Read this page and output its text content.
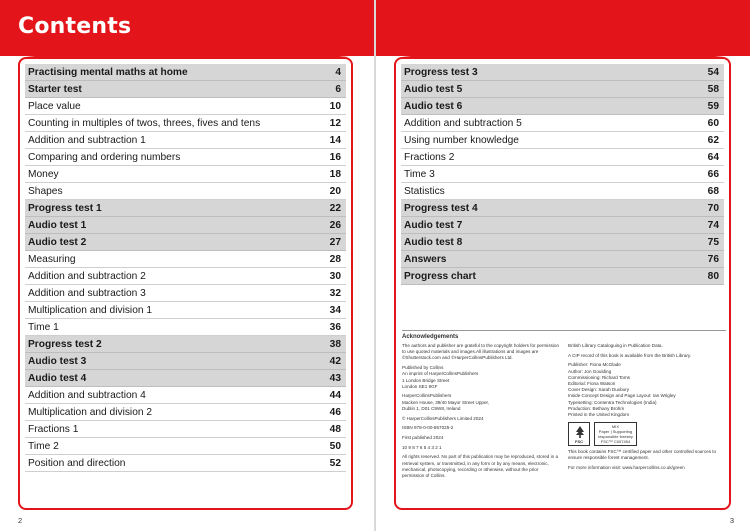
Contents
Practising mental maths at home	4
Starter test	6
Place value	10
Counting in multiples of twos, threes, fives and tens	12
Addition and subtraction 1	14
Comparing and ordering numbers	16
Money	18
Shapes	20
Progress test 1	22
Audio test 1	26
Audio test 2	27
Measuring	28
Addition and subtraction 2	30
Addition and subtraction 3	32
Multiplication and division 1	34
Time 1	36
Progress test 2	38
Audio test 3	42
Audio test 4	43
Addition and subtraction 4	44
Multiplication and division 2	46
Fractions 1	48
Time 2	50
Position and direction	52
Progress test 3	54
Audio test 5	58
Audio test 6	59
Addition and subtraction 5	60
Using number knowledge	62
Fractions 2	64
Time 3	66
Statistics	68
Progress test 4	70
Audio test 7	74
Audio test 8	75
Answers	76
Progress chart	80
Acknowledgements

The authors and publisher are grateful to the copyright holders for permission to use quoted materials and images.All illustrations and images are ©Shutterstock.com and ©HarperCollinsPublishers Ltd.

Published by Collins
An imprint of HarperCollinsPublishers
1 London Bridge Street
London SE1 9GF

HarperCollinsPublishers
Macken House, 39/40 Mayor Street Upper,
Dublin 1, D01 C9W8, Ireland

© HarperCollinsPublishers Limited 2024

ISBN 978-0-00-867025-2

First published 2024

10 9 8 7 6 5 4 3 2 1

All rights reserved. No part of this publication may be reproduced, stored in a retrieval system, or transmitted, in any form or by any means, electronic, mechanical, photocopying, recording or otherwise, without the prior permission of Collins.

British Library Cataloguing in Publication Data.

A CIP record of this book is available from the British Library.

Publisher: Fiona McGlade
Author: Jon Goulding
Commissioning: Richard Toms
Editorial: Fiona Watson
Cover Design: Sarah Duxbury
Inside Concept Design and Page Layout: Ian Wrigley
Typesetting: Contentra Technologies (India)
Production: Bethany Brohm
Printed in the United Kingdom

FSC
MIX
Paper | Supporting
responsible forestry
FSC™ C007454

This book contains FSC™ certified paper and other controlled sources to ensure responsible forest management.

For more information visit: www.harpercollins.co.uk/green

2	3
